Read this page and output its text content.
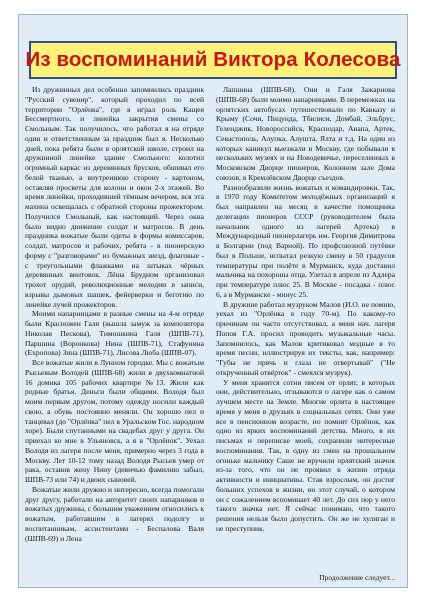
Из воспоминаний Виктора Колесова

Из дружинных дел особенно запомнились праздник "Русский сувенир", который проходил по всей территории "Орлёнка", где я играл роль Кащея Бессмертного, и линейка закрытия смены со Смольным. Так получилось, что работал я на отряде один и ответственным за праздник был я. Несколько дней, пока ребята были в орлятской школе, строил на дружинной линейке здание Смольного: колотил огромный каркас из деревянных брусков, обшивал его белой тканью, а внутреннюю сторону - картоном, оставляя просветы для колонн и окон 2-х этажей. Во время линейки, проходившей тёмным вечером, вся эта махина освещалась с обратной стороны прожектором. Получился Смольный, как настоящий. Через окна было видно движение солдат и матросов. В день праздника вожатые были одеты в формы комиссаров, солдат, матросов и рабочих, ребята - в пионерскую форму с "разговорами" из бумажных звезд, флаговые - с треугольными флажками на штыках чёрных деревянных винтовок. Лёша Брудном организовал трохот орудий, революционные мелодии в записи, взрывы дымовых шашек, фейерверки и беготню по линейке лучей прожекторов.

Моими напарницами в разные смены на 4-м отряде были Красножен Галя (вышла замуж за композитора Николая Пескова), Тимошкина Галя (ШПВ-71), Паршина (Воронкова) Нина (ШПВ-71), Стафунина (Ехропова) Зина (ШПВ-71), Лисова Люба (ШПВ-07).

Все вожатые жили в Лунном городке. Мы с вожатым Рысьевым Володей (ШПВ-68) жили в двухкомнатной 16 домика 105 рабочих квартире №13. Жили как родные братья. Деньги были общими. Володя был моим первым другом, потому одежду носили каждый свою, а обувь постоянно меняли. Он хорошо пел и танцевал (до "Орлёнка" пел в Уральском Гос. народном хоре). Были спутанными на свадебах друг у друга. Он приехал ко мне в Ульяновск, а я в "Орлёнок". Уехал Володя из лагеря после меня, примерно через 3 года в Москву. Лет 10-12 тому назад Володя Рысьев умер от рака, оставив жену Нину (девичью фамилию забыл, ШПВ-73 или 74) и двоих сыновей.

Вожатые жили дружно и интересно, всегда помогали друг другу, работали на авторитет своих напарников и вожатых дружины, с большим уважением относились к вожатым, работавшим в лагерях подолгу и воспитанникам, ассистентами - Беспалова Валя (ШПВ-69) и Лена

Лапшина (ШПВ-68). Они и Галя Зажарнова (ШПВ-68) были моими напарницами. В перемежках на орлятских автобусах путешествовали по Кавказу и Крыму (Сочи, Пицунда, Тбилиси, Домбай, Эльбрус, Геленджик, Новороссийск, Краснодар, Анапа, Артек, Севастополь, Алупка, Алушта, Ялта и т.д. На один из которых каникул выезжали в Москву, где побывали в нескольких музеях и на Новодевичье, переселенных в Московском Дворце пионеров, Колонном зале Дома союзов, в Кремлёвском Дворце съездов.

Разнообразили жизнь вожатых и командировки. Так, в 1970 году Комитетом молодёжных организаций я был направлен на месяц в качестве помощника делегации пионеров СССР (руководителем была начальник одного из лагерей Артека) в Международный пионерлагерь им. Георгия Димитрова в Болгарии (под Варной). По профсоюзной путёвке был в Польше, испытал резкую смену в 50 градусов температуры при полёте в Мурманск, куда доставил мальчика на похороны отца. Улетал в апреле из Адлера при температуре плюс 25. В Москве - посадка - плюс 6, а в Мурманске - минус 25.

В дружине работал музруком Малов (И.О. не помню, уехал из "Орлёнка в году 70-м). По какому-то причинам он часто отсутствовал, а меня нач. лагеря Попов Г.А. просил проводить музыкальные часы. Запомнилось, как Малов критиковал модные в то время песни, иллюстрируя их тексты, как, например: "Губы не прячь и глаза не отвертывай" ("Не открученный отвёрток" - смеялся музрук).

У меня хранятся сотни писем от орлят, в которых они, действительно, отзываются о лагере как о самом лучшем месте на Земле. Многие орлята в настоящее время у меня в друзьях в социальных сетях. Они уже все в пенсионном возрасте, но помнят Орлёнок, как одно из ярких воспоминаний детства. Много, в их письмах и переписке моей, сохранили интересные воспоминания. Так, в одну из смен на прошальном огоньке мальчику Саше не вручили орлятский значок из-за того, что он не проявил в жизни отряда активности и инициативы. Став взрослым, он достиг больших успехов в жизни, но этот случай, о котором он с сожалением вспоминает 40 лет. До сих пор у него такого значка нет. Я сейчас понимаю, что такого решения нельзя было допустить. Он же не хулиган и не преступник.

Продолжение следует...
